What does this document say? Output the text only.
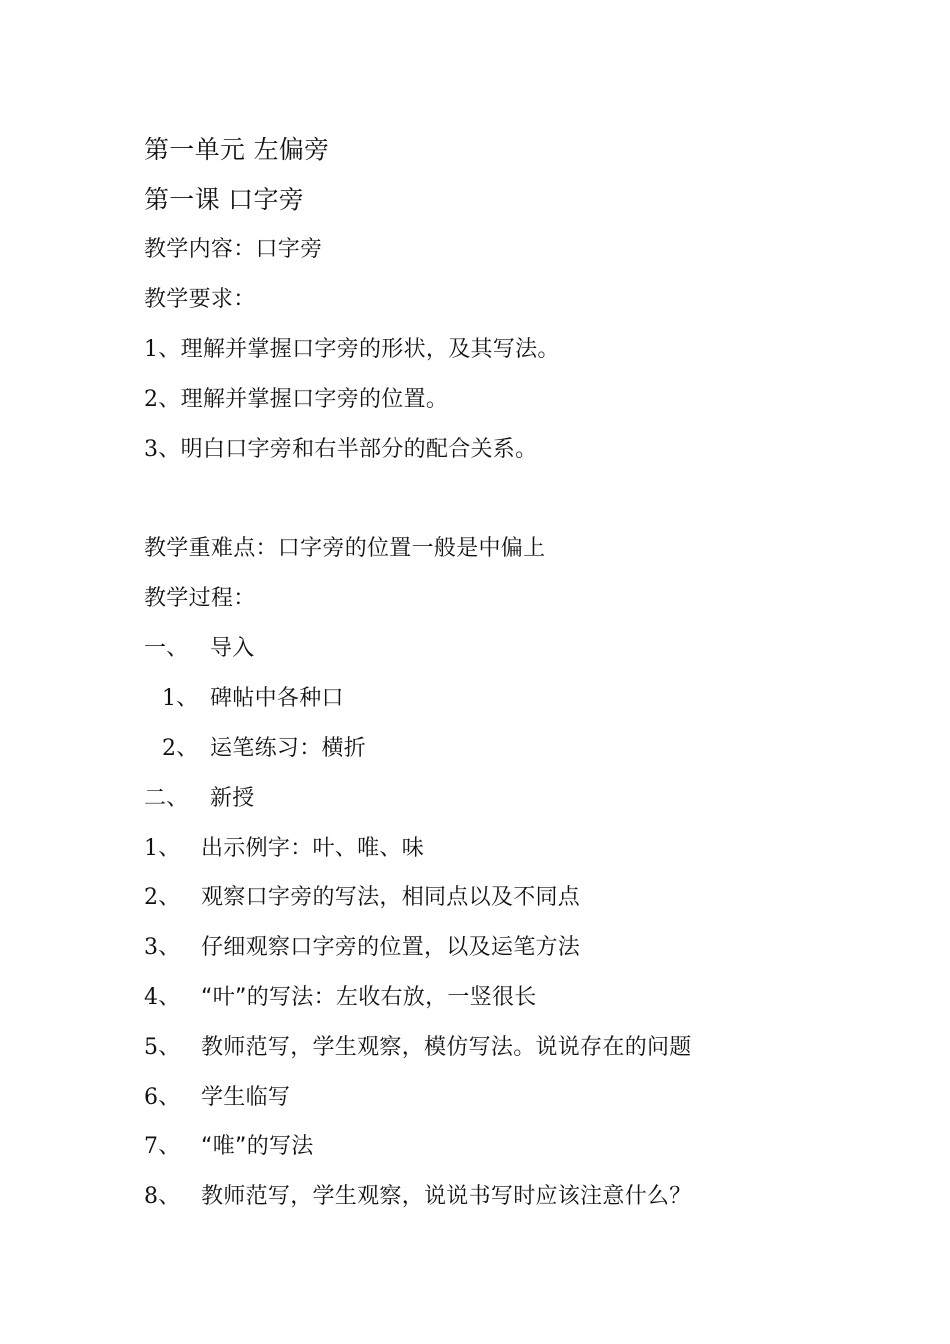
第一单元 左偏旁
第一课 口字旁
教学内容：口字旁
教学要求：
1、理解并掌握口字旁的形状，及其写法。
2、理解并掌握口字旁的位置。
3、明白口字旁和右半部分的配合关系。
教学重难点：口字旁的位置一般是中偏上
教学过程：
一、 导入
1、 碑帖中各种口
2、 运笔练习：横折
二、 新授
1、 出示例字：叶、唯、味
2、 观察口字旁的写法，相同点以及不同点
3、 仔细观察口字旁的位置，以及运笔方法
4、 “叶”的写法：左收右放，一竖很长
5、 教师范写，学生观察，模仿写法。说说存在的问题
6、 学生临写
7、 “唯”的写法
8、 教师范写，学生观察，说说书写时应该注意什么？
